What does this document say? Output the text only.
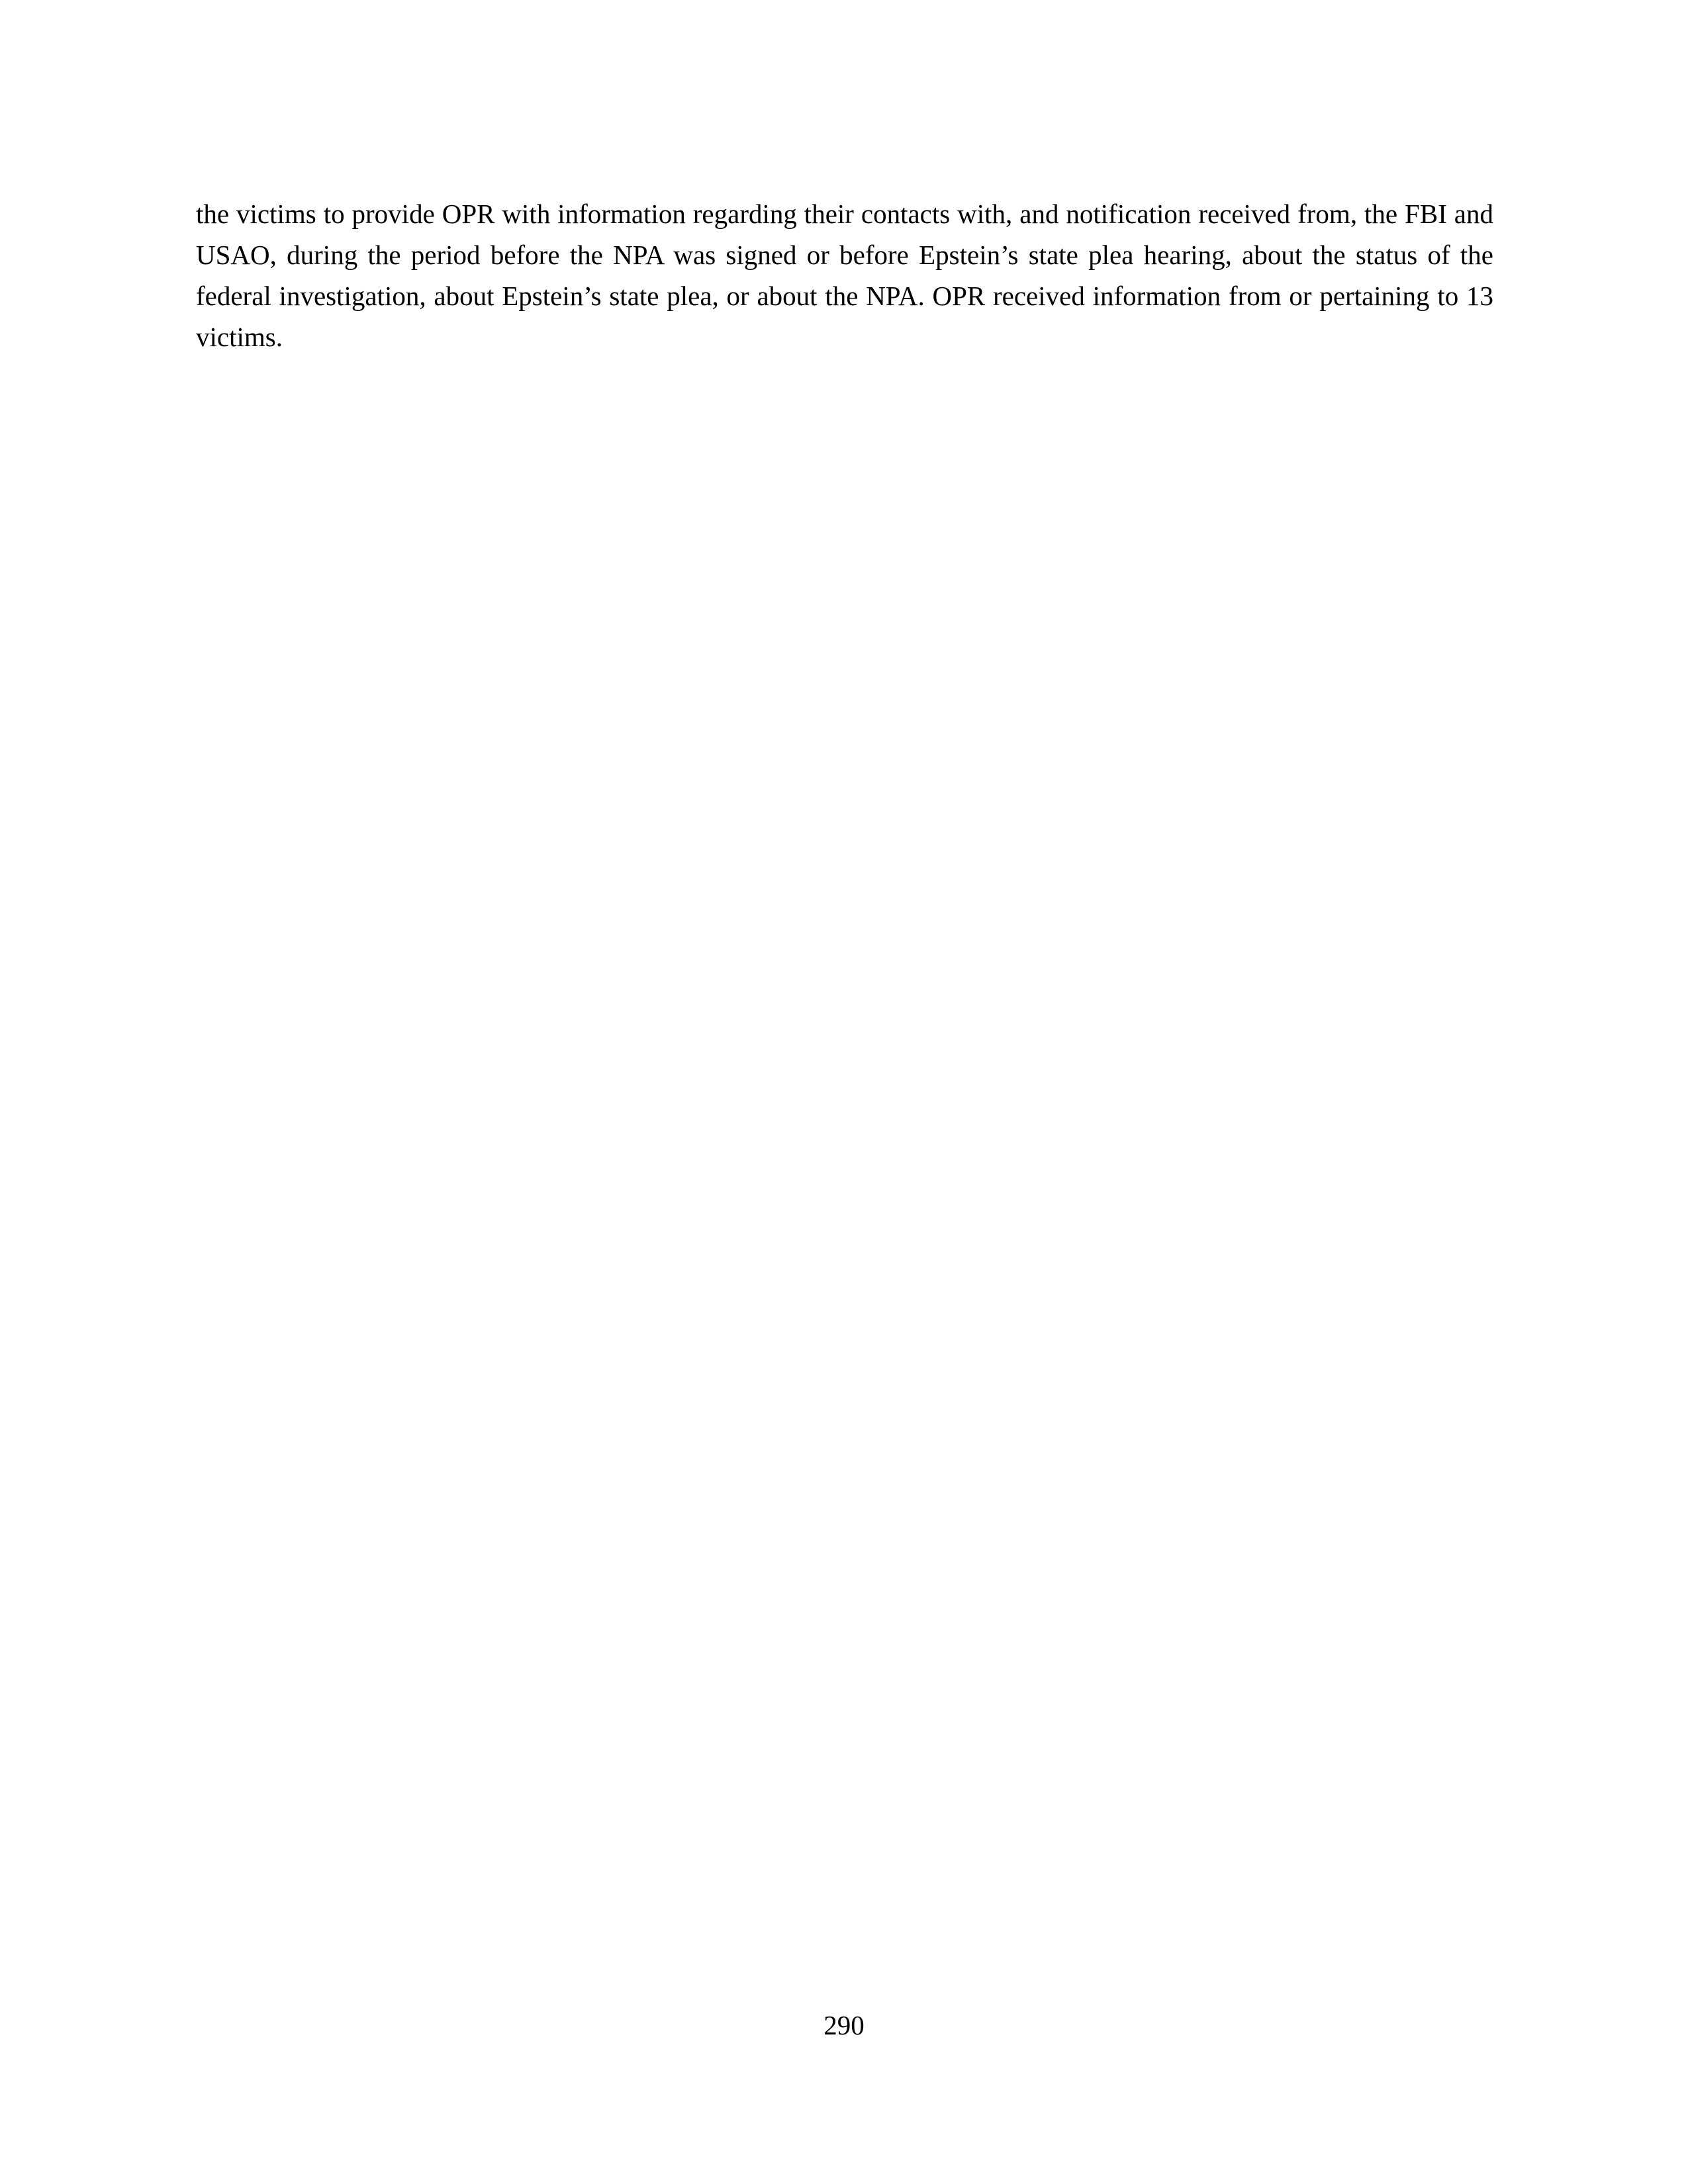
the victims to provide OPR with information regarding their contacts with, and notification received from, the FBI and USAO, during the period before the NPA was signed or before Epstein’s state plea hearing, about the status of the federal investigation, about Epstein’s state plea, or about the NPA. OPR received information from or pertaining to 13 victims.

290
